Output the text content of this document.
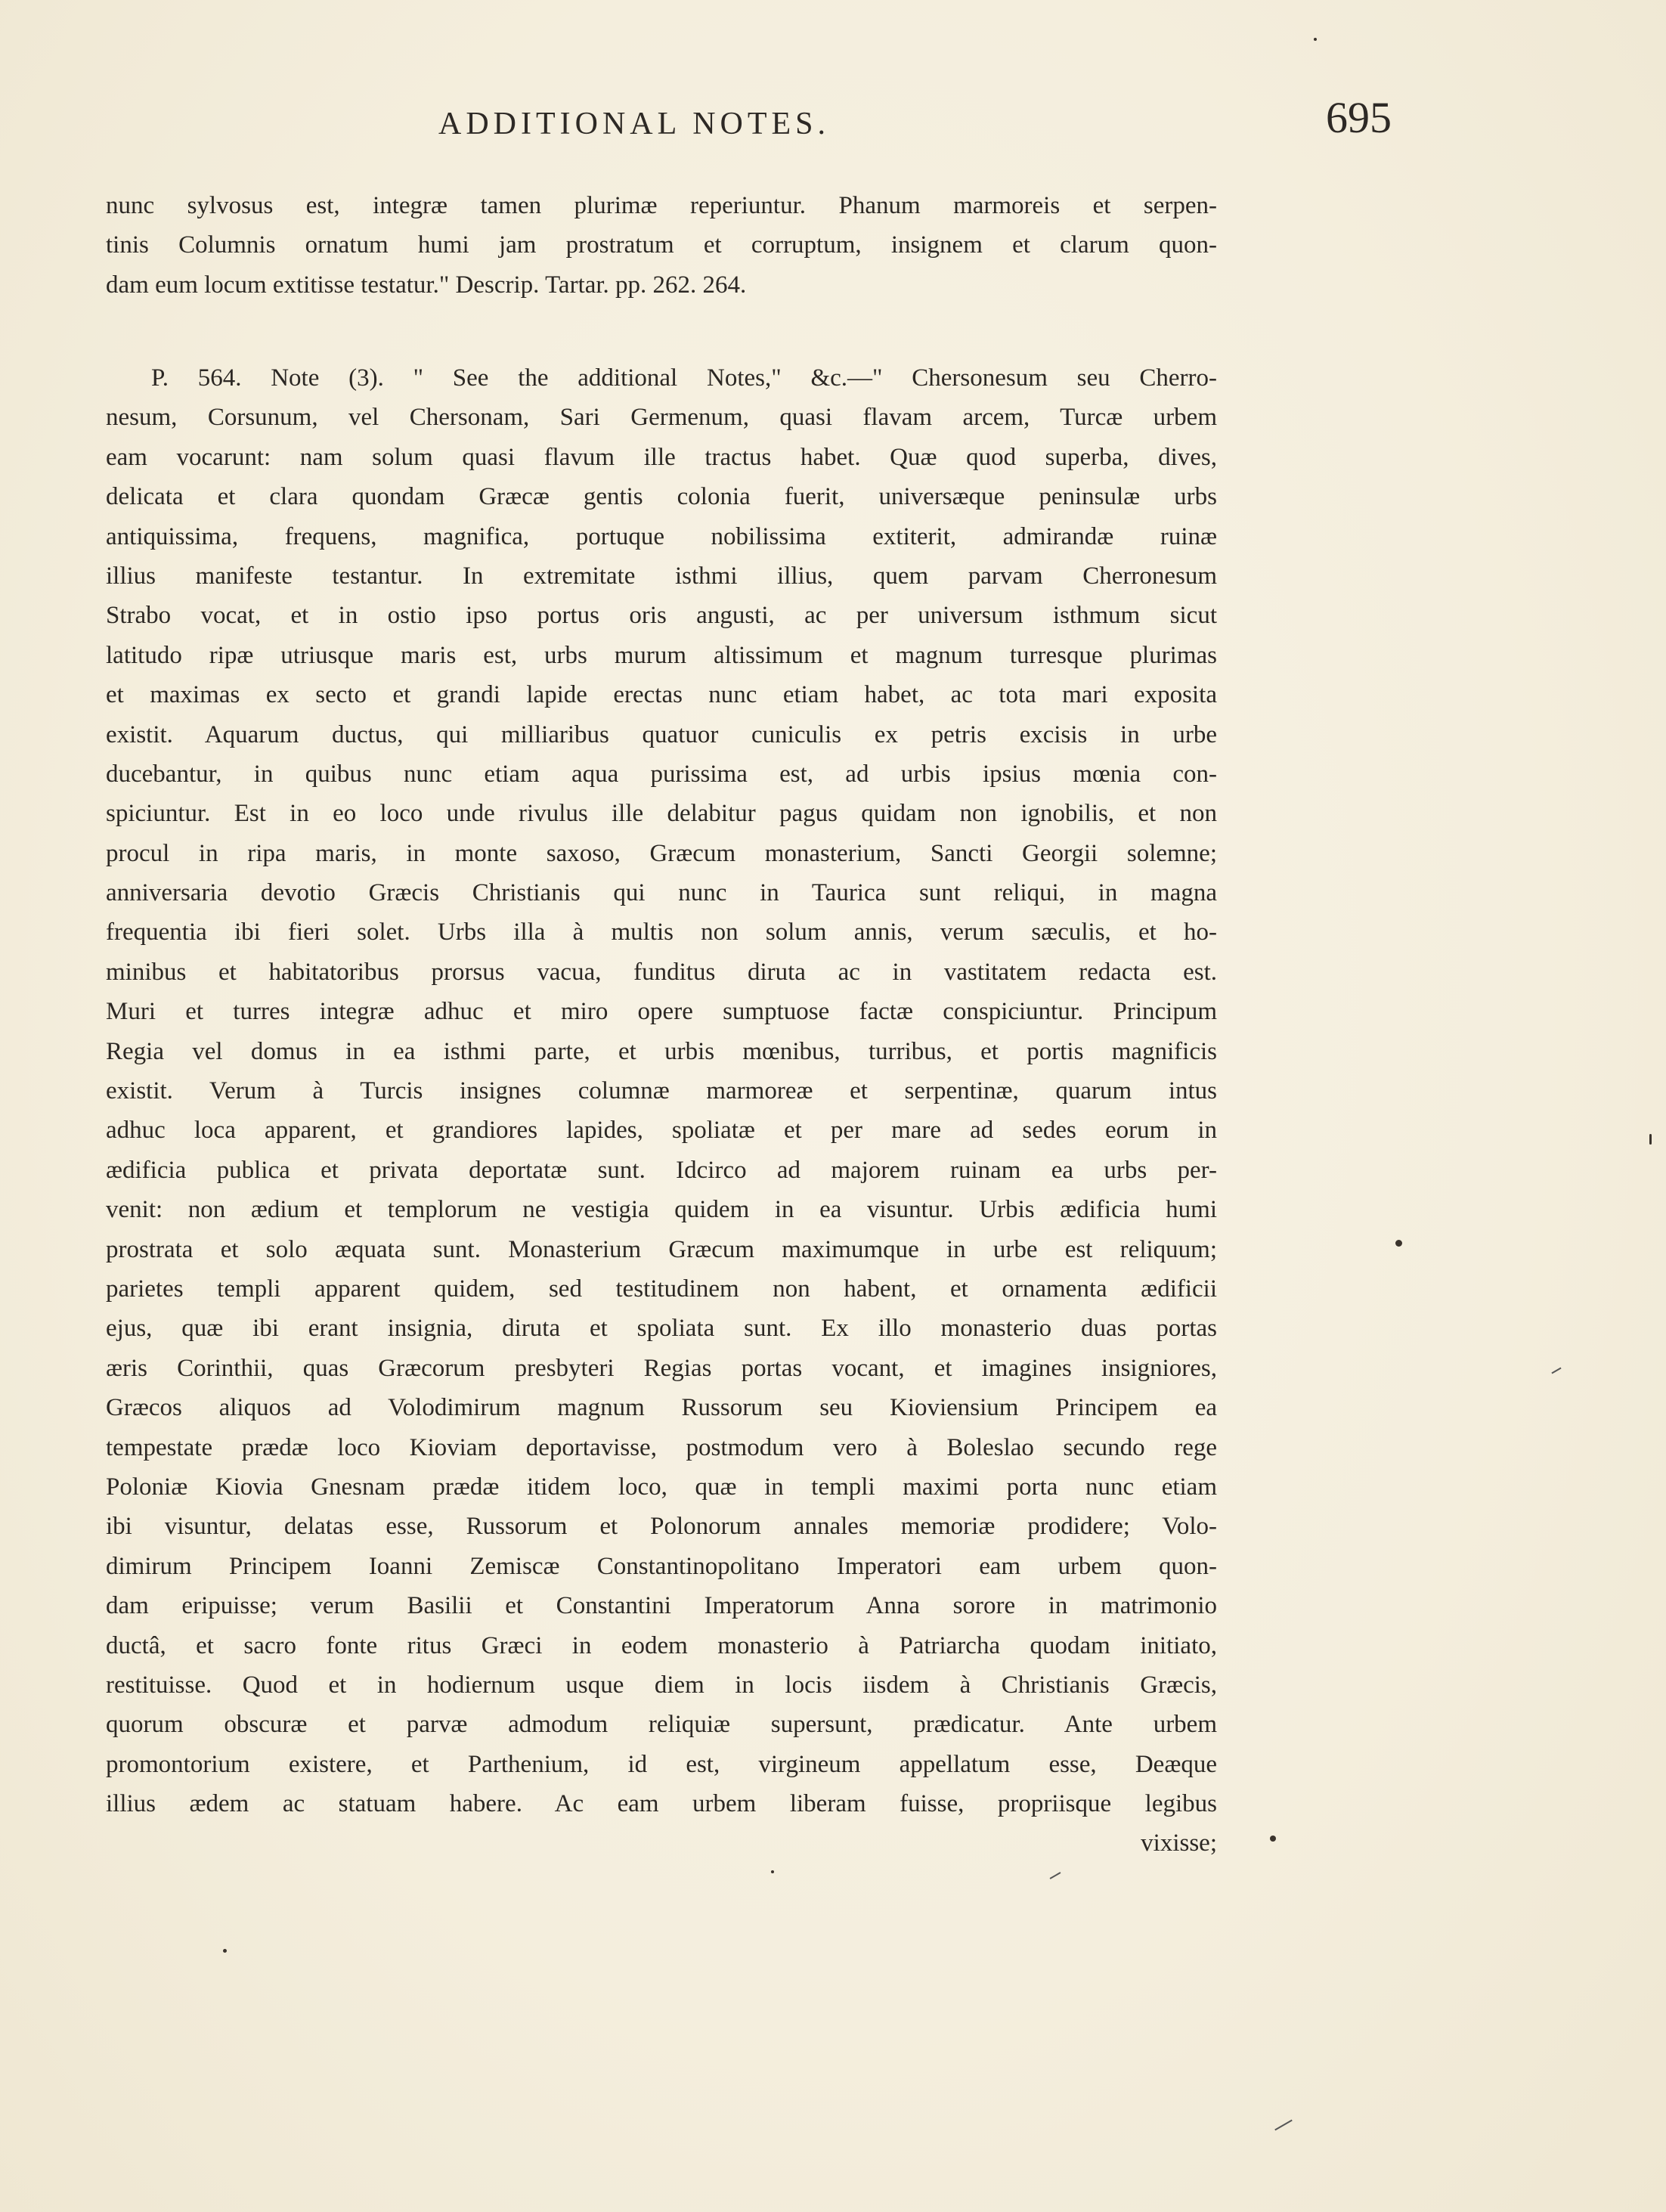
ADDITIONAL NOTES.	695
nunc sylvosus est, integræ tamen plurimæ reperiuntur. Phanum marmoreis et serpen-
tinis Columnis ornatum humi jam prostratum et corruptum, insignem et clarum quon-
dam eum locum extitisse testatur." Descrip. Tartar. pp. 262. 264.
P. 564. Note (3). " See the additional Notes," &c.—" Chersonesum seu Cherro-
nesum, Corsunum, vel Chersonam, Sari Germenum, quasi flavam arcem, Turcæ urbem
eam vocarunt: nam solum quasi flavum ille tractus habet. Quæ quod superba, dives,
delicata et clara quondam Græcæ gentis colonia fuerit, universæque peninsulæ urbs
antiquissima, frequens, magnifica, portuque nobilissima extiterit, admirandæ ruinæ
illius manifeste testantur. In extremitate isthmi illius, quem parvam Cherronesum
Strabo vocat, et in ostio ipso portus oris angusti, ac per universum isthmum sicut
latitudo ripæ utriusque maris est, urbs murum altissimum et magnum turresque plurimas
et maximas ex secto et grandi lapide erectas nunc etiam habet, ac tota mari exposita
existit. Aquarum ductus, qui milliaribus quatuor cuniculis ex petris excisis in urbe
ducebantur, in quibus nunc etiam aqua purissima est, ad urbis ipsius mœnia con-
spiciuntur. Est in eo loco unde rivulus ille delabitur pagus quidam non ignobilis, et non
procul in ripa maris, in monte saxoso, Græcum monasterium, Sancti Georgii solemne;
anniversaria devotio Græcis Christianis qui nunc in Taurica sunt reliqui, in magna
frequentia ibi fieri solet. Urbs illa à multis non solum annis, verum sæculis, et ho-
minibus et habitatoribus prorsus vacua, funditus diruta ac in vastitatem redacta est.
Muri et turres integræ adhuc et miro opere sumptuose factæ conspiciuntur. Principum
Regia vel domus in ea isthmi parte, et urbis mœnibus, turribus, et portis magnificis
existit. Verum à Turcis insignes columnæ marmoreæ et serpentinæ, quarum intus
adhuc loca apparent, et grandiores lapides, spoliatæ et per mare ad sedes eorum in
ædificia publica et privata deportatæ sunt. Idcirco ad majorem ruinam ea urbs per-
venit: non ædium et templorum ne vestigia quidem in ea visuntur. Urbis ædificia humi
prostrata et solo æquata sunt. Monasterium Græcum maximumque in urbe est reliquum;
parietes templi apparent quidem, sed testitudinem non habent, et ornamenta ædificii
ejus, quæ ibi erant insignia, diruta et spoliata sunt. Ex illo monasterio duas portas
æris Corinthii, quas Græcorum presbyteri Regias portas vocant, et imagines insigniores,
Græcos aliquos ad Volodimirum magnum Russorum seu Kioviensium Principem ea
tempestate prædæ loco Kioviam deportavisse, postmodum vero à Boleslao secundo rege
Poloniæ Kiovia Gnesnam prædæ itidem loco, quæ in templi maximi porta nunc etiam
ibi visuntur, delatas esse, Russorum et Polonorum annales memoriæ prodidere; Volo-
dimirum Principem Ioanni Zemiscæ Constantinopolitano Imperatori eam urbem quon-
dam eripuisse; verum Basilii et Constantini Imperatorum Anna sorore in matrimonio
ductâ, et sacro fonte ritus Græci in eodem monasterio à Patriarcha quodam initiato,
restituisse. Quod et in hodiernum usque diem in locis iisdem à Christianis Græcis,
quorum obscuræ et parvæ admodum reliquiæ supersunt, prædicatur. Ante urbem
promontorium existere, et Parthenium, id est, virgineum appellatum esse, Deæque
illius ædem ac statuam habere. Ac eam urbem liberam fuisse, propriisque legibus
vixisse;
